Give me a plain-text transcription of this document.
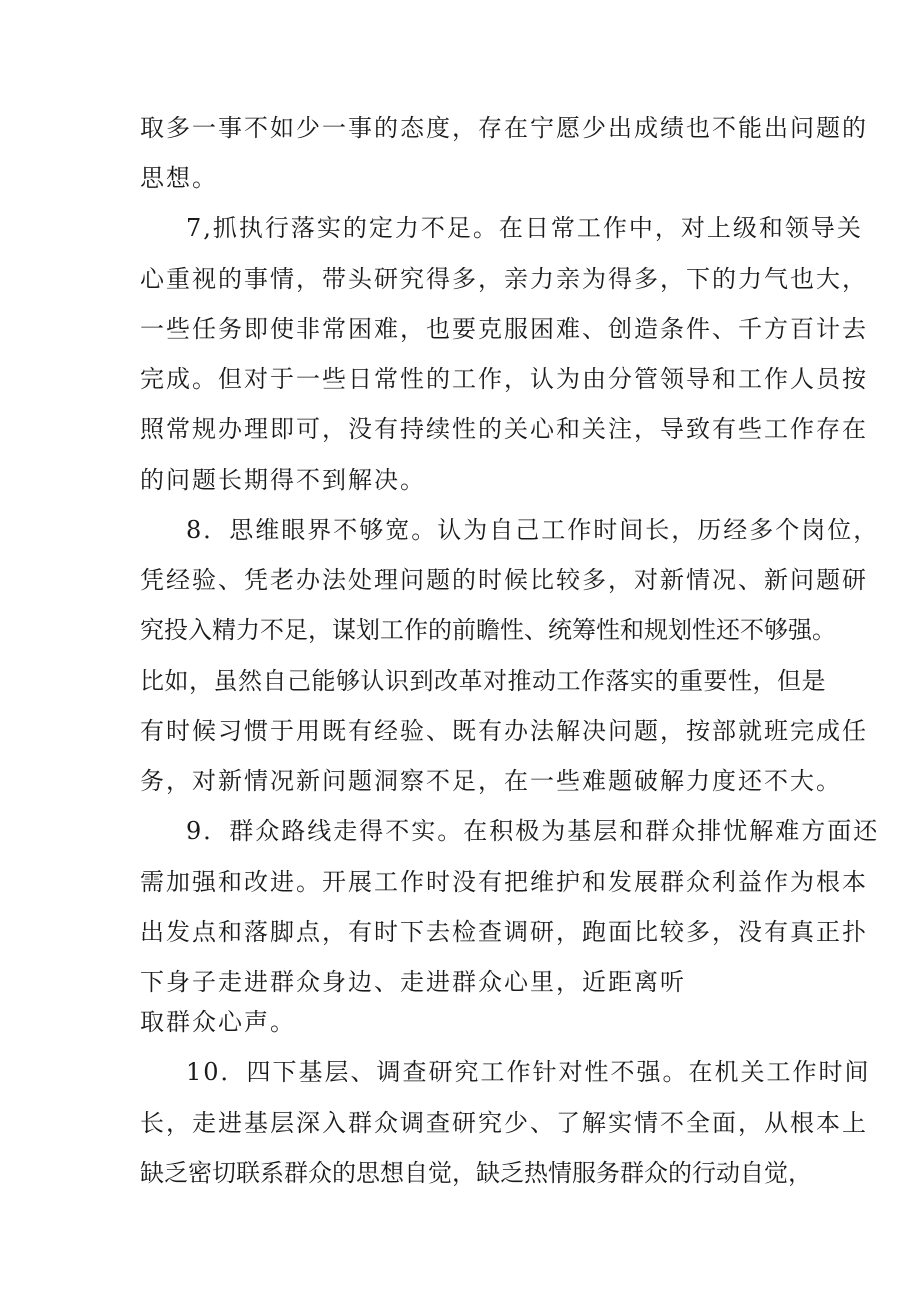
取多一事不如少一事的态度，存在宁愿少出成绩也不能出问题的
思想。
7,抓执行落实的定力不足。在日常工作中，对上级和领导关
心重视的事情，带头研究得多，亲力亲为得多，下的力气也大，
一些任务即使非常困难，也要克服困难、创造条件、千方百计去
完成。但对于一些日常性的工作，认为由分管领导和工作人员按
照常规办理即可，没有持续性的关心和关注，导致有些工作存在
的问题长期得不到解决。
8．思维眼界不够宽。认为自己工作时间长，历经多个岗位，
凭经验、凭老办法处理问题的时候比较多，对新情况、新问题研
究投入精力不足，谋划工作的前瞻性、统筹性和规划性还不够强。
比如，虽然自己能够认识到改革对推动工作落实的重要性，但是
有时候习惯于用既有经验、既有办法解决问题，按部就班完成任
务，对新情况新问题洞察不足，在一些难题破解力度还不大。
9．群众路线走得不实。在积极为基层和群众排忧解难方面还
需加强和改进。开展工作时没有把维护和发展群众利益作为根本
出发点和落脚点，有时下去检查调研，跑面比较多，没有真正扑
下身子走进群众身边、走进群众心里，近距离听
取群众心声。
10．四下基层、调查研究工作针对性不强。在机关工作时间
长，走进基层深入群众调查研究少、了解实情不全面，从根本上
缺乏密切联系群众的思想自觉，缺乏热情服务群众的行动自觉，
